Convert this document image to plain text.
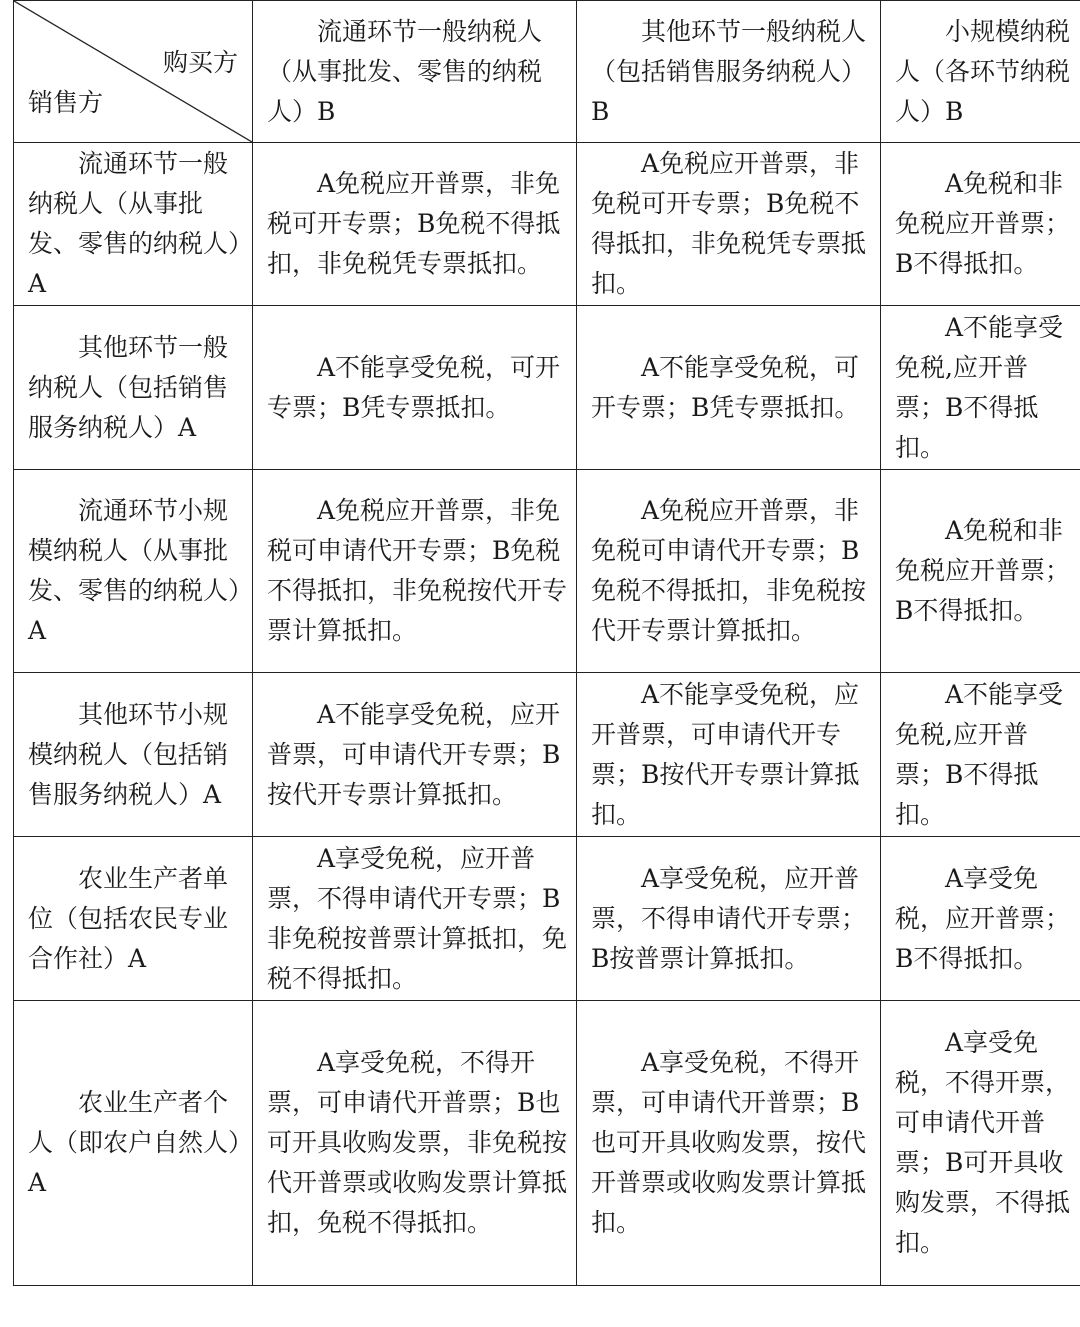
购买方
销售方	流通环节一般纳税人（从事批发、零售的纳税人）B	其他环节一般纳税人（包括销售服务纳税人）B	小规模纳税人（各环节纳税人）B
流通环节一般纳税人（从事批发、零售的纳税人）A	A免税应开普票，非免税可开专票；B免税不得抵扣，非免税凭专票抵扣。	A免税应开普票，非免税可开专票；B免税不得抵扣，非免税凭专票抵扣。	A免税和非免税应开普票；B不得抵扣。
其他环节一般纳税人（包括销售服务纳税人）A	A不能享受免税，可开专票；B凭专票抵扣。	A不能享受免税，可开专票；B凭专票抵扣。	A不能享受免税,应开普票；B不得抵扣。
流通环节小规模纳税人（从事批发、零售的纳税人）A	A免税应开普票，非免税可申请代开专票；B免税不得抵扣，非免税按代开专票计算抵扣。	A免税应开普票，非免税可申请代开专票；B免税不得抵扣，非免税按代开专票计算抵扣。	A免税和非免税应开普票；B不得抵扣。
其他环节小规模纳税人（包括销售服务纳税人）A	A不能享受免税，应开普票，可申请代开专票；B按代开专票计算抵扣。	A不能享受免税，应开普票，可申请代开专票；B按代开专票计算抵扣。	A不能享受免税,应开普票；B不得抵扣。
农业生产者单位（包括农民专业合作社）A	A享受免税，应开普票，不得申请代开专票；B非免税按普票计算抵扣，免税不得抵扣。	A享受免税，应开普票，不得申请代开专票；B按普票计算抵扣。	A享受免税，应开普票；B不得抵扣。
农业生产者个人（即农户自然人）A	A享受免税，不得开票，可申请代开普票；B也可开具收购发票，非免税按代开普票或收购发票计算抵扣，免税不得抵扣。	A享受免税，不得开票，可申请代开普票；B也可开具收购发票，按代开普票或收购发票计算抵扣。	A享受免税，不得开票，可申请代开普票；B可开具收购发票，不得抵扣。
